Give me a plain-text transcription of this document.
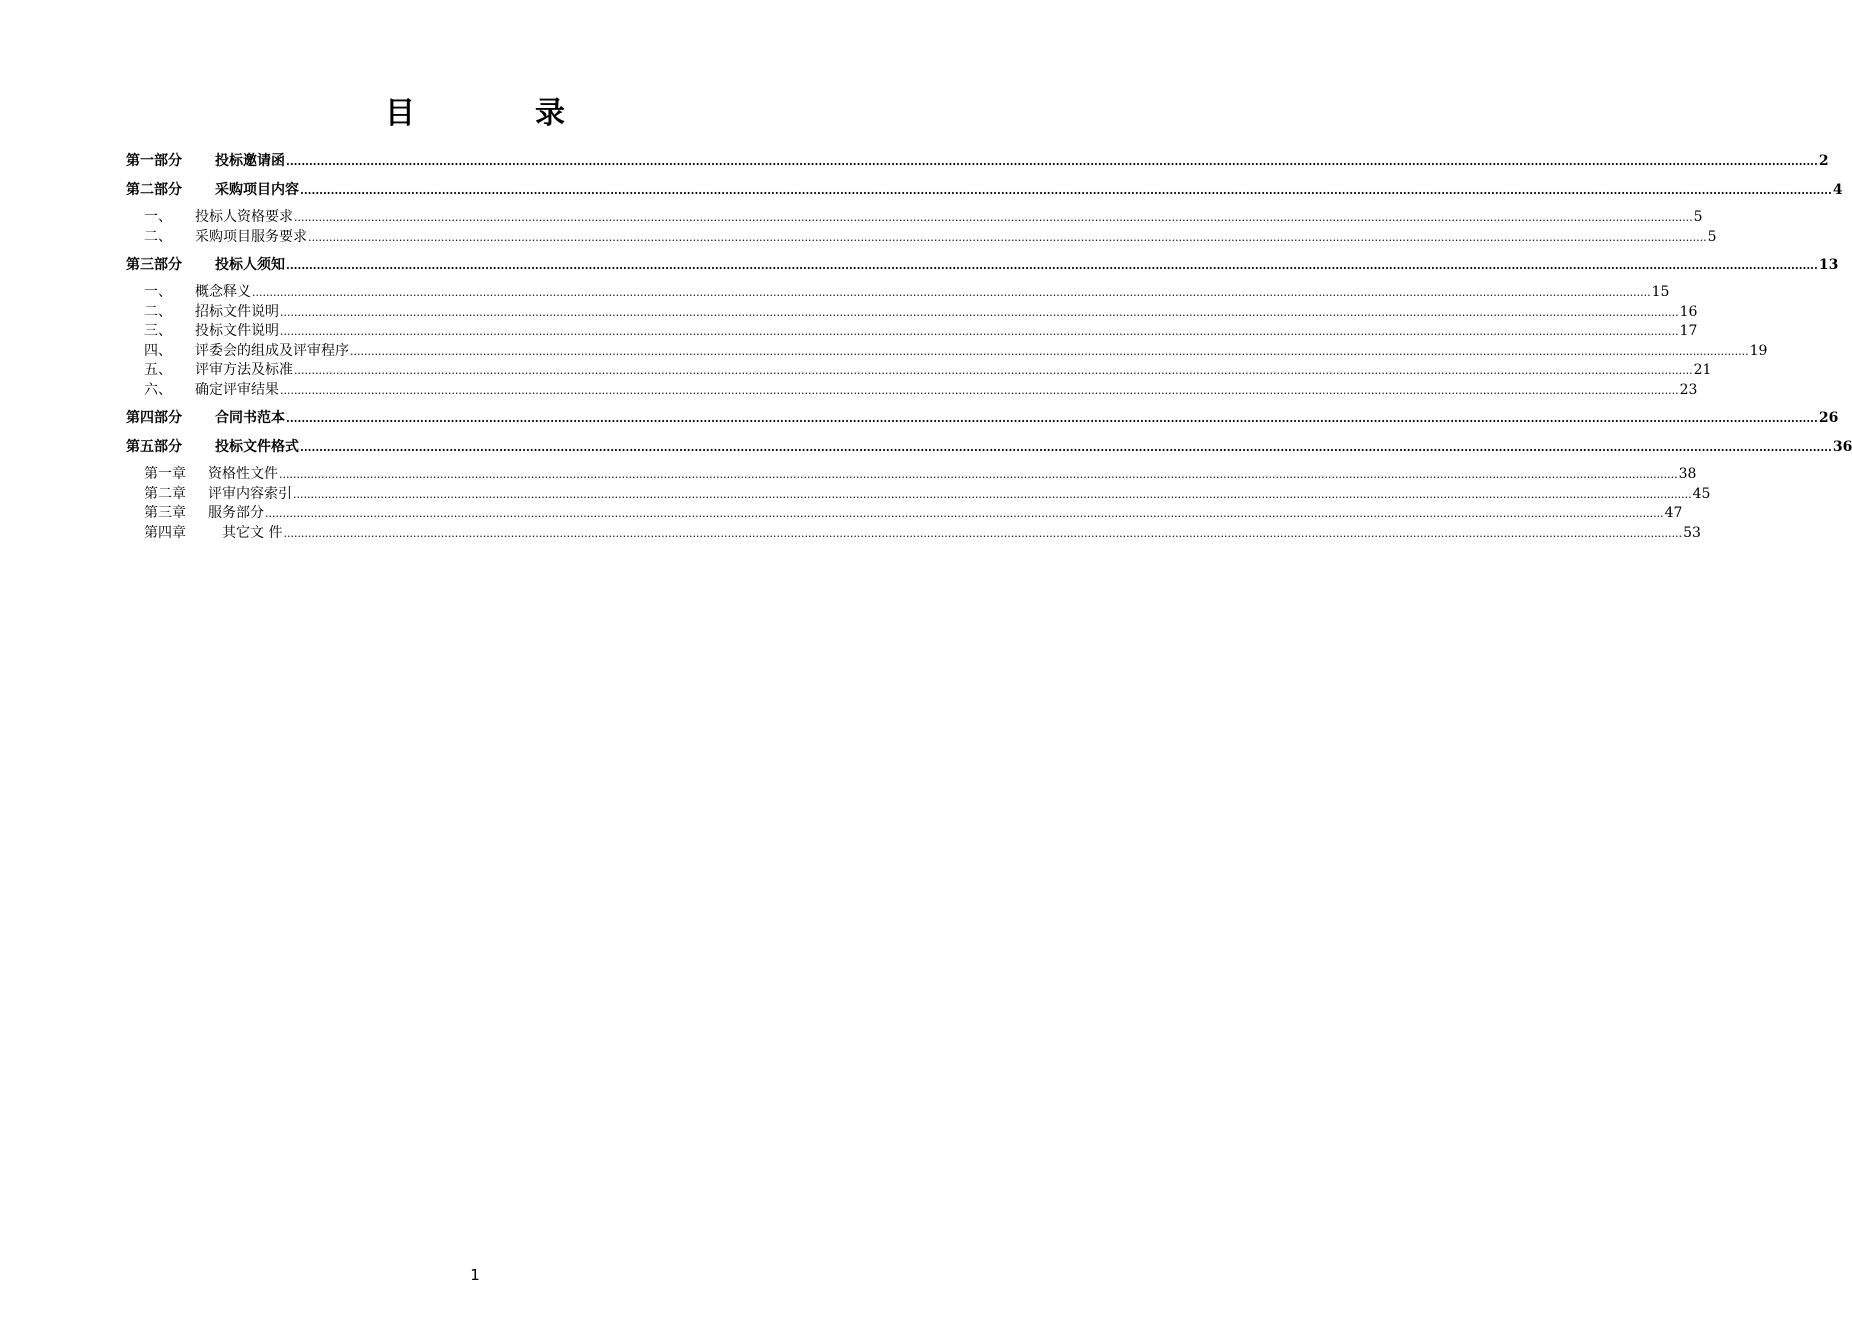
目	录
第一部分	投标邀请函 ................................................................................................................................................................................................................................................................................................................................................................................................................ 2
第二部分	采购项目内容 ................................................................................................................................................................................................................................................................................................................................................................................................................ 4
一、	投标人资格要求 ................................................................................................................................................................................................................................................................................................................................................................................................................ 5
二、	采购项目服务要求 ................................................................................................................................................................................................................................................................................................................................................................................................................ 5
第三部分	投标人须知 ................................................................................................................................................................................................................................................................................................................................................................................................................ 13
一、	概念释义 ................................................................................................................................................................................................................................................................................................................................................................................................................ 15
二、	招标文件说明 ................................................................................................................................................................................................................................................................................................................................................................................................................ 16
三、	投标文件说明 ................................................................................................................................................................................................................................................................................................................................................................................................................ 17
四、	评委会的组成及评审程序 ................................................................................................................................................................................................................................................................................................................................................................................................................ 19
五、	评审方法及标准 ................................................................................................................................................................................................................................................................................................................................................................................................................ 21
六、	确定评审结果 ................................................................................................................................................................................................................................................................................................................................................................................................................ 23
第四部分	合同书范本 ................................................................................................................................................................................................................................................................................................................................................................................................................ 26
第五部分	投标文件格式 ................................................................................................................................................................................................................................................................................................................................................................................................................ 36
第一章	资格性文件 ................................................................................................................................................................................................................................................................................................................................................................................................................ 38
第二章	评审内容索引 ................................................................................................................................................................................................................................................................................................................................................................................................................ 45
第三章	服务部分 ................................................................................................................................................................................................................................................................................................................................................................................................................ 47
第四章	　其它文 件 ................................................................................................................................................................................................................................................................................................................................................................................................................ 53
1
